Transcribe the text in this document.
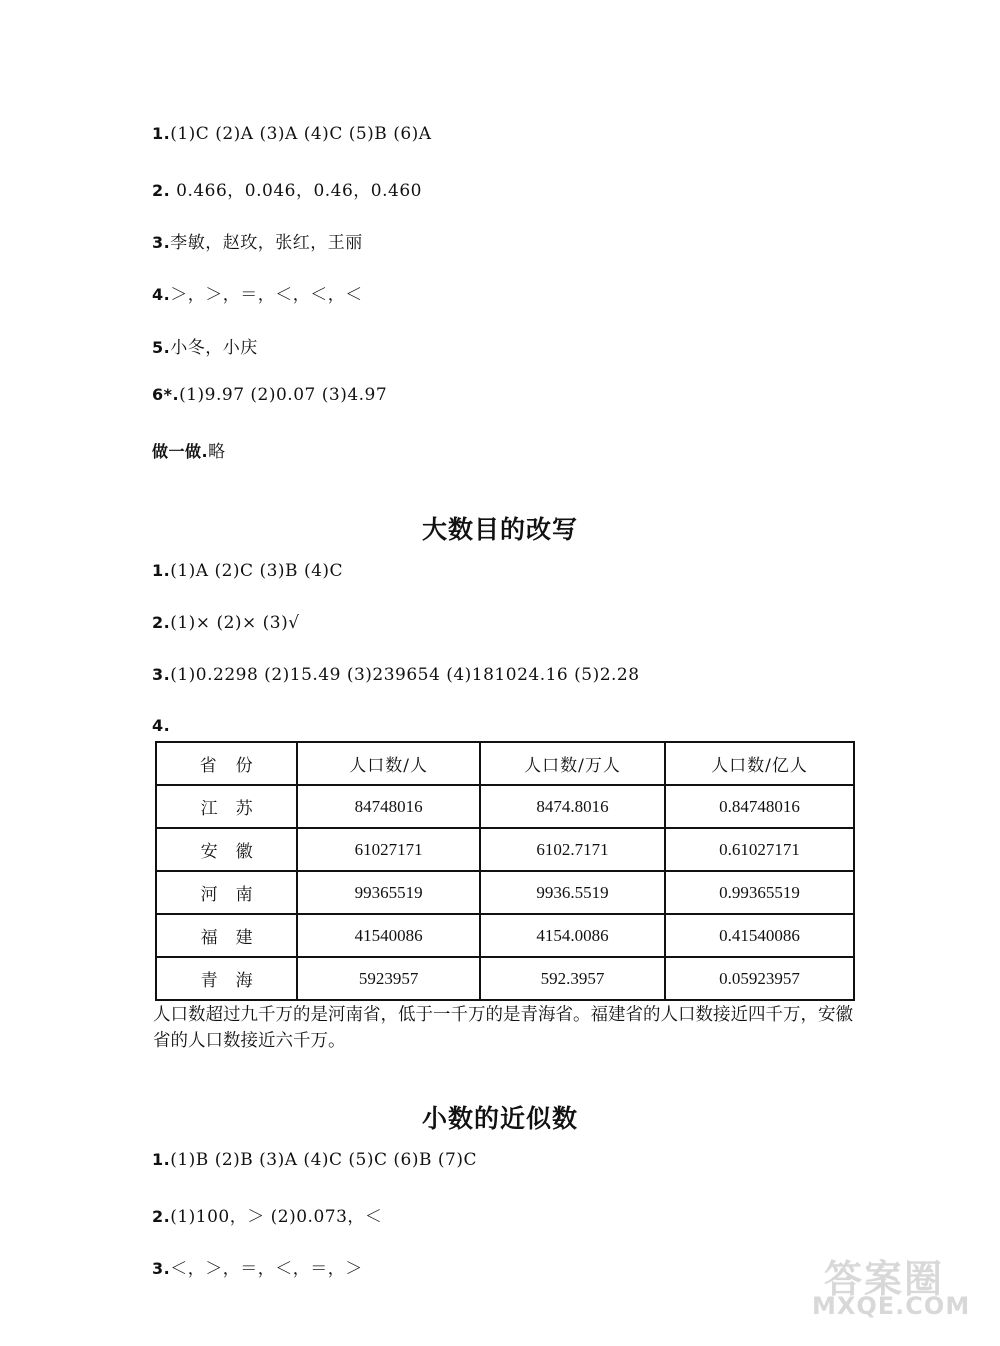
1.(1)C (2)A (3)A (4)C (5)B (6)A
2. 0.466，0.046，0.46，0.460
3.李敏，赵玫，张红，王丽
4.＞，＞，＝，＜，＜，＜
5.小冬，小庆
6*.(1)9.97 (2)0.07 (3)4.97
做一做.略
大数目的改写
1.(1)A (2)C (3)B (4)C
2.(1)× (2)× (3)√
3.(1)0.2298 (2)15.49 (3)239654 (4)181024.16 (5)2.28
4.
省　份	人口数/人	人口数/万人	人口数/亿人
江苏	84748016	8474.8016	0.84748016
安徽	61027171	6102.7171	0.61027171
河南	99365519	9936.5519	0.99365519
福建	41540086	4154.0086	0.41540086
青海	5923957	592.3957	0.05923957
人口数超过九千万的是河南省，低于一千万的是青海省。福建省的人口数接近四千万，安徽省的人口数接近六千万。
小数的近似数
1.(1)B (2)B (3)A (4)C (5)C (6)B (7)C
2.(1)100，＞ (2)0.073，＜
3.＜，＞，＝，＜，＝，＞	答案圈
MXQE.COM
